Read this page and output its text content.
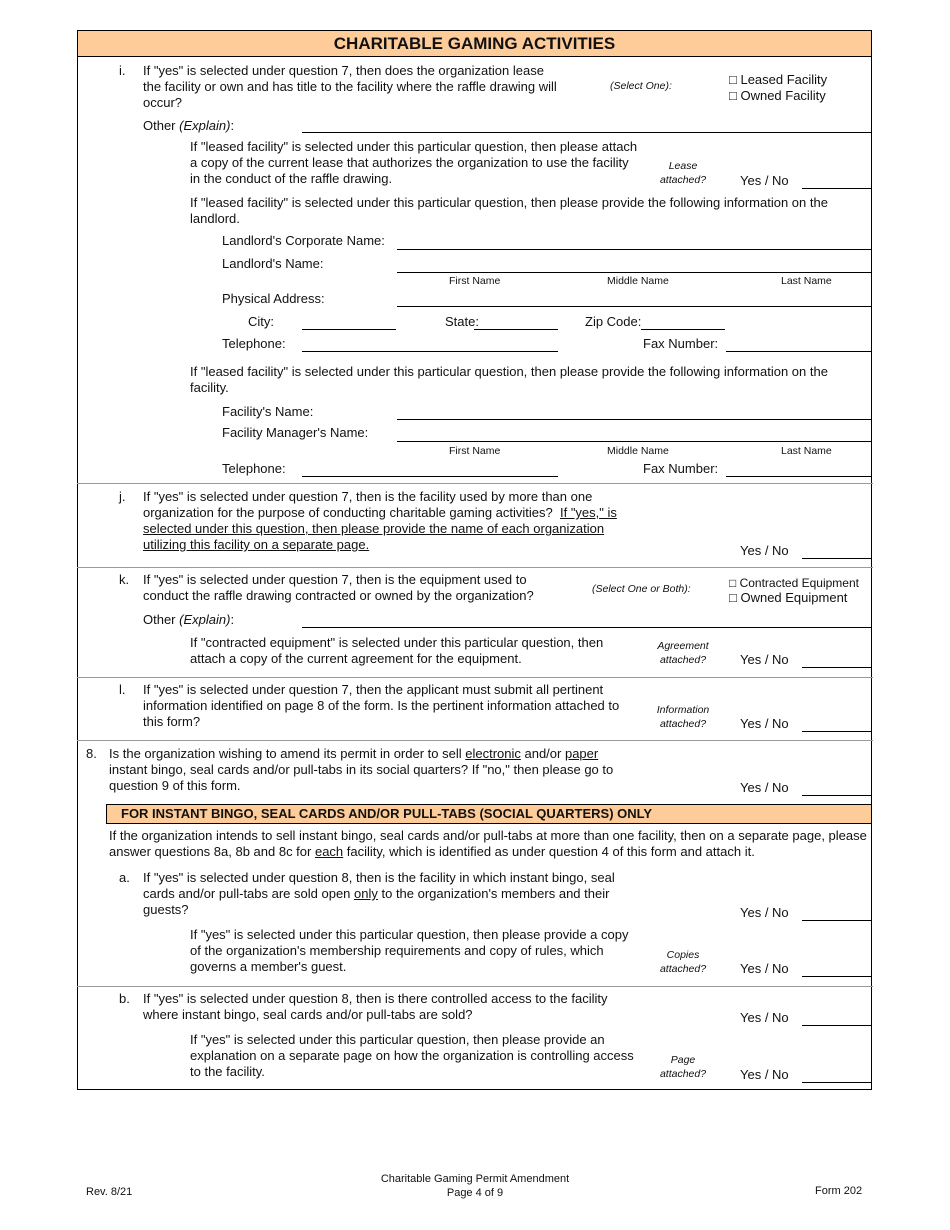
CHARITABLE GAMING ACTIVITIES
i. If "yes" is selected under question 7, then does the organization lease
the facility or own and has title to the facility where the raffle drawing will
occur?
(Select One):	□ Leased Facility
□ Owned Facility
Other (Explain):
If "leased facility" is selected under this particular question, then please attach
a copy of the current lease that authorizes the organization to use the facility
in the conduct of the raffle drawing.
Lease
attached?	Yes / No
If "leased facility" is selected under this particular question, then please provide the following information on the
landlord.
Landlord's Corporate Name:
Landlord's Name:
First Name	Middle Name	Last Name
Physical Address:
City:	State:	Zip Code:
Telephone:	Fax Number:
If "leased facility" is selected under this particular question, then please provide the following information on the
facility.
Facility's Name:
Facility Manager's Name:
First Name	Middle Name	Last Name
Telephone:	Fax Number:
j. If "yes" is selected under question 7, then is the facility used by more than one
organization for the purpose of conducting charitable gaming activities?  If "yes," is
selected under this question, then please provide the name of each organization
utilizing this facility on a separate page.	Yes / No
k. If "yes" is selected under question 7, then is the equipment used to
conduct the raffle drawing contracted or owned by the organization?	(Select One or Both):	□ Contracted Equipment
□ Owned Equipment
Other (Explain):
If "contracted equipment" is selected under this particular question, then
attach a copy of the current agreement for the equipment.
Agreement
attached?	Yes / No
l. If "yes" is selected under question 7, then the applicant must submit all pertinent
information identified on page 8 of the form. Is the pertinent information attached to
this form?
Information
attached?	Yes / No
8. Is the organization wishing to amend its permit in order to sell electronic and/or paper
instant bingo, seal cards and/or pull-tabs in its social quarters? If "no," then please go to
question 9 of this form.	Yes / No
FOR INSTANT BINGO, SEAL CARDS AND/OR PULL-TABS (SOCIAL QUARTERS) ONLY
If the organization intends to sell instant bingo, seal cards and/or pull-tabs at more than one facility, then on a separate page, please
answer questions 8a, 8b and 8c for each facility, which is identified as under question 4 of this form and attach it.
a. If "yes" is selected under question 8, then is the facility in which instant bingo, seal
cards and/or pull-tabs are sold open only to the organization's members and their
guests?	Yes / No
If "yes" is selected under this particular question, then please provide a copy
of the organization's membership requirements and copy of rules, which
governs a member's guest.
Copies
attached?	Yes / No
b. If "yes" is selected under question 8, then is there controlled access to the facility
where instant bingo, seal cards and/or pull-tabs are sold?	Yes / No
If "yes" is selected under this particular question, then please provide an
explanation on a separate page on how the organization is controlling access
to the facility.
Page
attached?	Yes / No
Rev. 8/21
Charitable Gaming Permit Amendment
Page 4 of 9	Form 202
